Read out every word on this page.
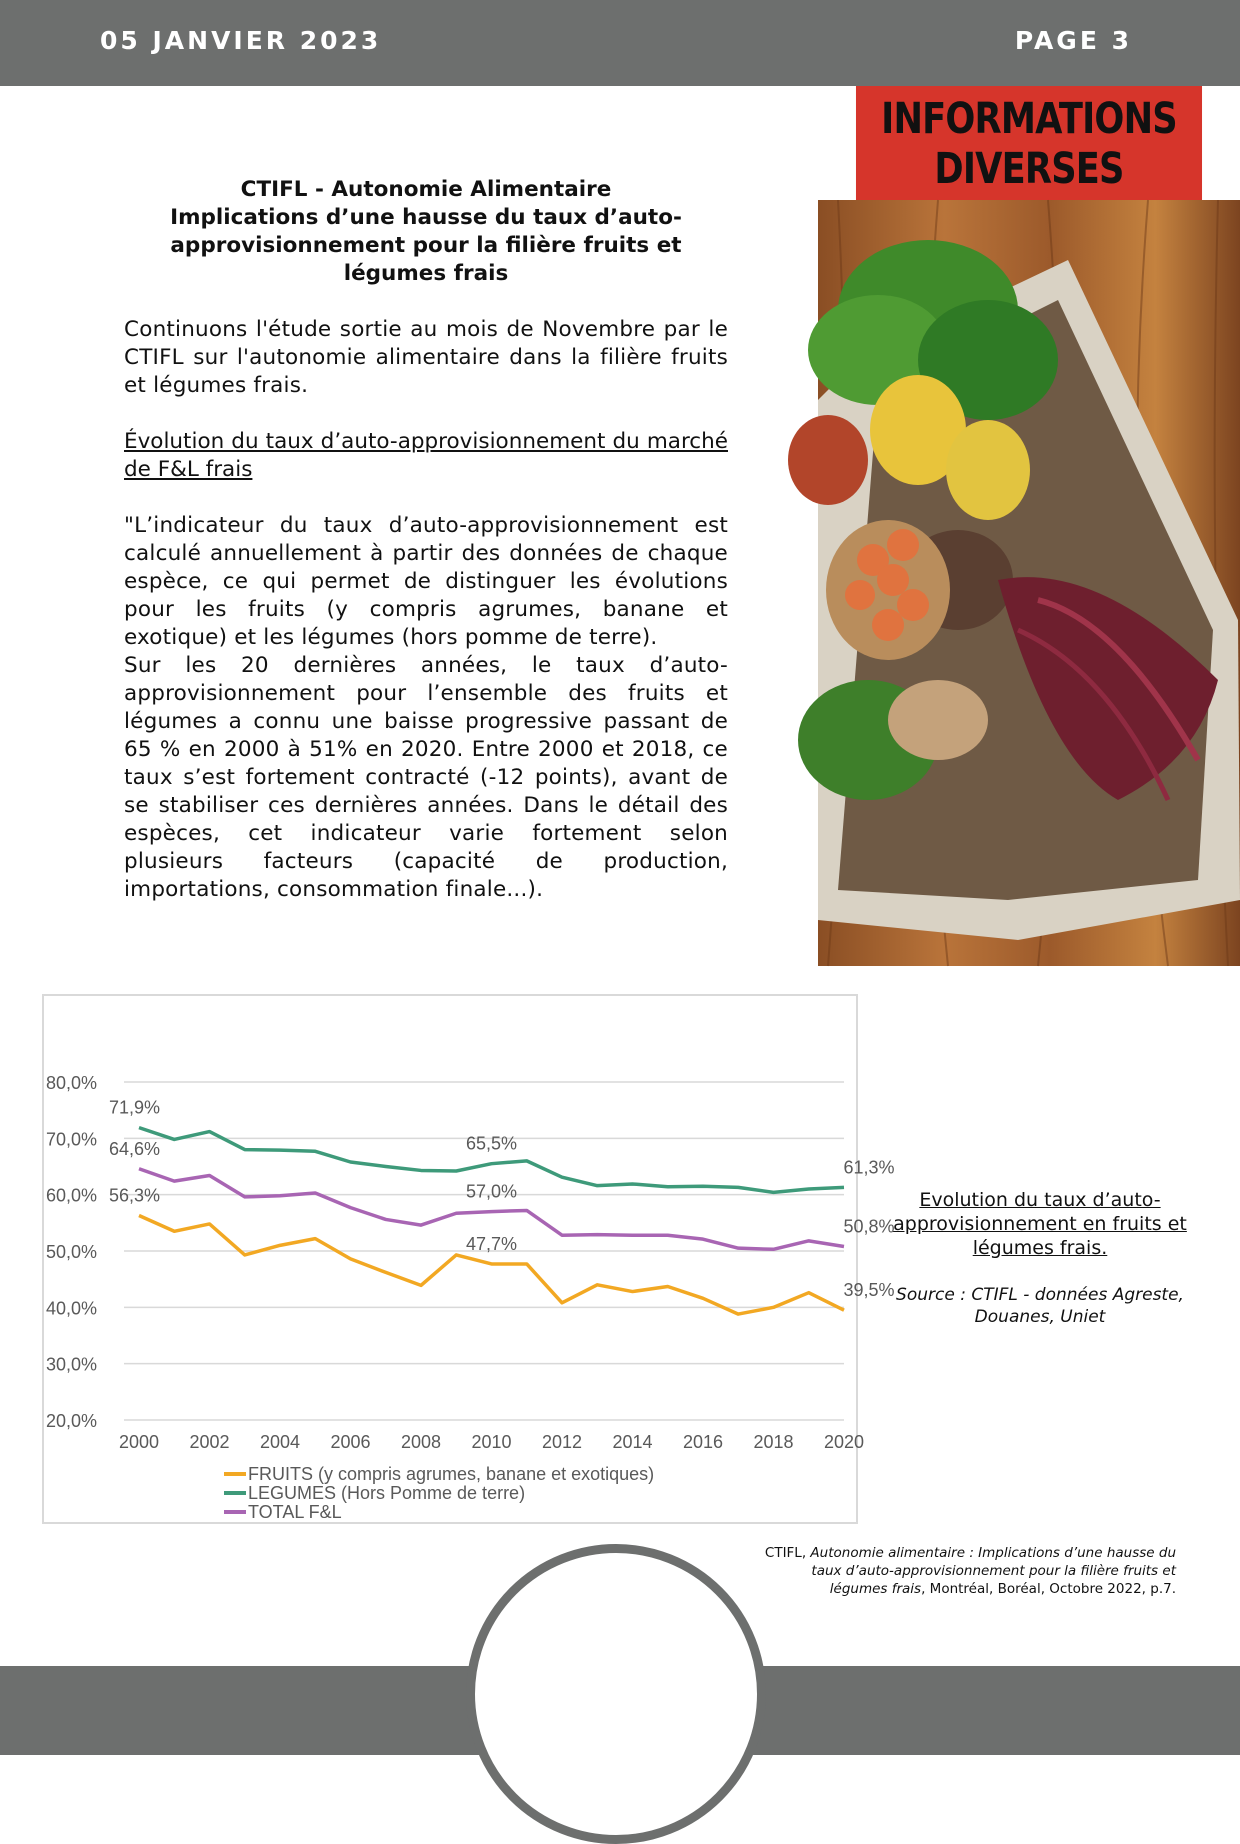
05 JANVIER 2023	PAGE 3
INFORMATIONS
DIVERSES
CTIFL - Autonomie Alimentaire
Implications d’une hausse du taux d’auto-
approvisionnement pour la filière fruits et
légumes frais

Continuons l'étude sortie au mois de Novembre par le CTIFL sur l'autonomie alimentaire dans la filière fruits et légumes frais.

Évolution du taux d’auto-approvisionnement du marché de F&L frais

"L’indicateur du taux d’auto-approvisionnement est calculé annuellement à partir des données de chaque espèce, ce qui permet de distinguer les évolutions pour les fruits (y compris agrumes, banane et exotique) et les légumes (hors pomme de terre).

Sur les 20 dernières années, le taux d’auto-approvisionnement pour l’ensemble des fruits et légumes a connu une baisse progressive passant de 65 % en 2000 à 51% en 2020. Entre 2000 et 2018, ce taux s’est fortement contracté (-12 points), avant de se stabiliser ces dernières années. Dans le détail des espèces, cet indicateur varie fortement selon plusieurs facteurs (capacité de production, importations, consommation finale...).

20,0%
30,0%
40,0%
50,0%
60,0%
70,0%
80,0%
2000 2002 2004 2006 2008 2010 2012 2014 2016 2018 2020
71,9%
65,5%
61,3%
64,6%
57,0%
50,8%
56,3%
47,7%
39,5%
FRUITS (y compris agrumes, banane et exotiques)
LEGUMES (Hors Pomme de terre)
TOTAL F&L
Evolution du taux d’auto-approvisionnement en fruits et légumes frais.
Source : CTIFL - données Agreste, Douanes, Uniet
CTIFL, Autonomie alimentaire : Implications d’une hausse du taux d’auto-approvisionnement pour la filière fruits et légumes frais, Montréal, Boréal, Octobre 2022, p.7.
